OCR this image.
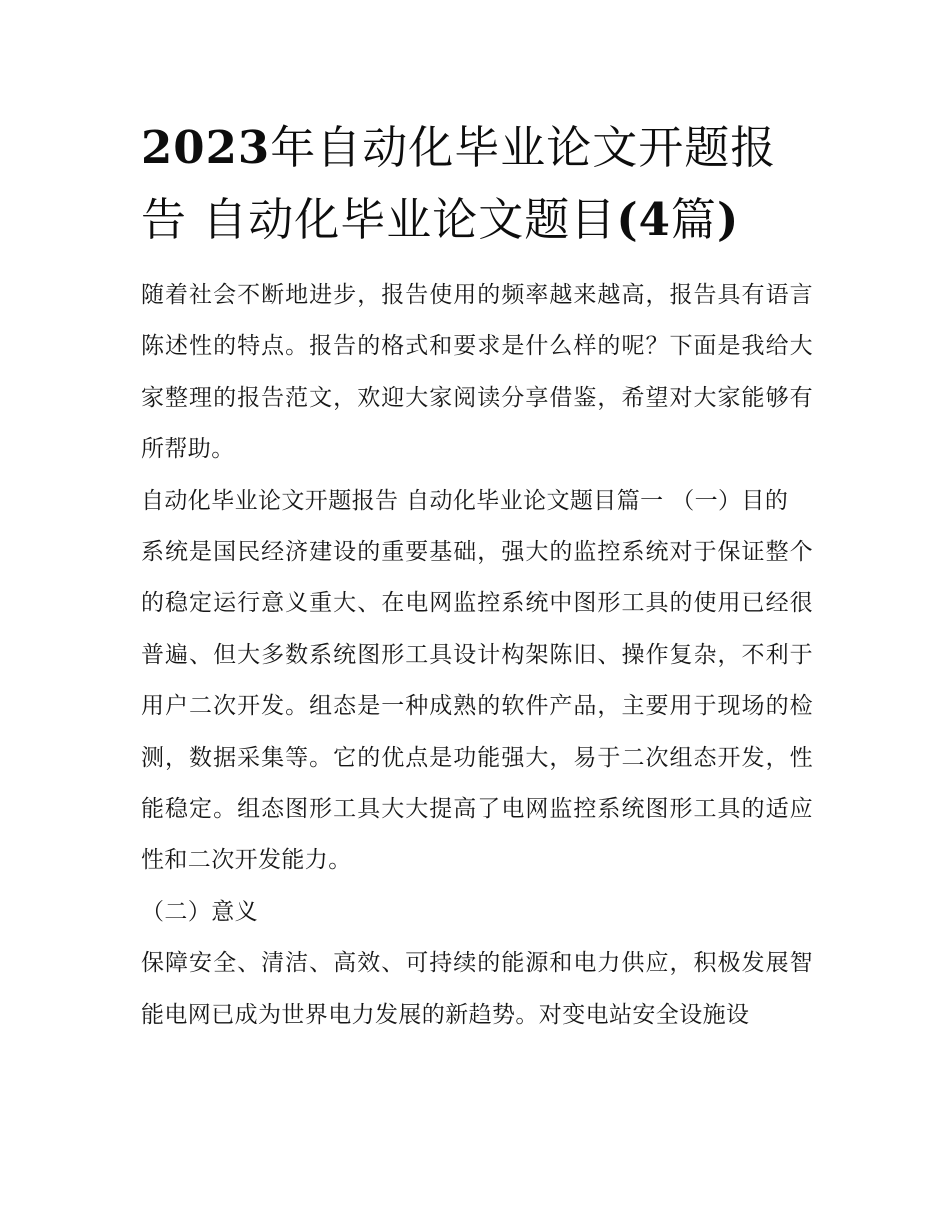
2023年自动化毕业论文开题报告 自动化毕业论文题目(4篇)

随着社会不断地进步，报告使用的频率越来越高，报告具有语言陈述性的特点。报告的格式和要求是什么样的呢？下面是我给大家整理的报告范文，欢迎大家阅读分享借鉴，希望对大家能够有所帮助。

自动化毕业论文开题报告 自动化毕业论文题目篇一 （一）目的

系统是国民经济建设的重要基础，强大的监控系统对于保证整个的稳定运行意义重大、在电网监控系统中图形工具的使用已经很普遍、但大多数系统图形工具设计构架陈旧、操作复杂，不利于用户二次开发。组态是一种成熟的软件产品，主要用于现场的检测，数据采集等。它的优点是功能强大，易于二次组态开发，性能稳定。组态图形工具大大提高了电网监控系统图形工具的适应性和二次开发能力。

（二）意义

保障安全、清洁、高效、可持续的能源和电力供应，积极发展智能电网已成为世界电力发展的新趋势。对变电站安全设施设
